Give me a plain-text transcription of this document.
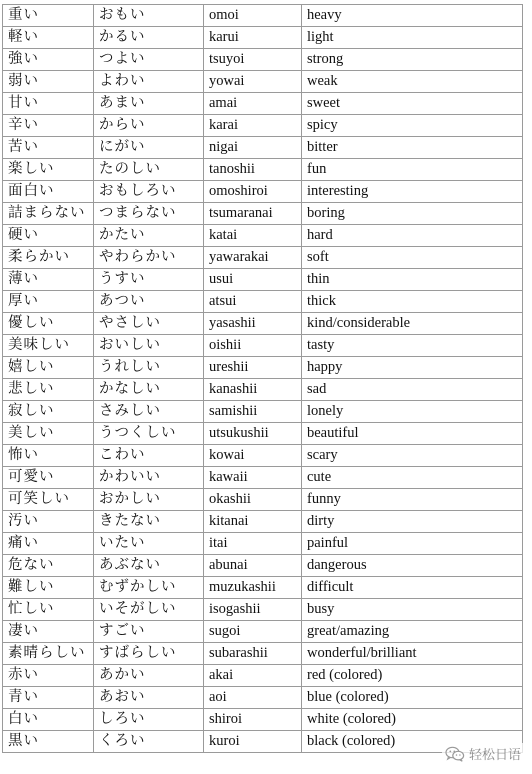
重い	おもい	omoi	heavy
軽い	かるい	karui	light
強い	つよい	tsuyoi	strong
弱い	よわい	yowai	weak
甘い	あまい	amai	sweet
辛い	からい	karai	spicy
苦い	にがい	nigai	bitter
楽しい	たのしい	tanoshii	fun
面白い	おもしろい	omoshiroi	interesting
詰まらない	つまらない	tsumaranai	boring
硬い	かたい	katai	hard
柔らかい	やわらかい	yawarakai	soft
薄い	うすい	usui	thin
厚い	あつい	atsui	thick
優しい	やさしい	yasashii	kind/considerable
美味しい	おいしい	oishii	tasty
嬉しい	うれしい	ureshii	happy
悲しい	かなしい	kanashii	sad
寂しい	さみしい	samishii	lonely
美しい	うつくしい	utsukushii	beautiful
怖い	こわい	kowai	scary
可愛い	かわいい	kawaii	cute
可笑しい	おかしい	okashii	funny
汚い	きたない	kitanai	dirty
痛い	いたい	itai	painful
危ない	あぶない	abunai	dangerous
難しい	むずかしい	muzukashii	difficult
忙しい	いそがしい	isogashii	busy
凄い	すごい	sugoi	great/amazing
素晴らしい	すばらしい	subarashii	wonderful/brilliant
赤い	あかい	akai	red (colored)
青い	あおい	aoi	blue (colored)
白い	しろい	shiroi	white (colored)
黒い	くろい	kuroi	black (colored)
轻松日语
